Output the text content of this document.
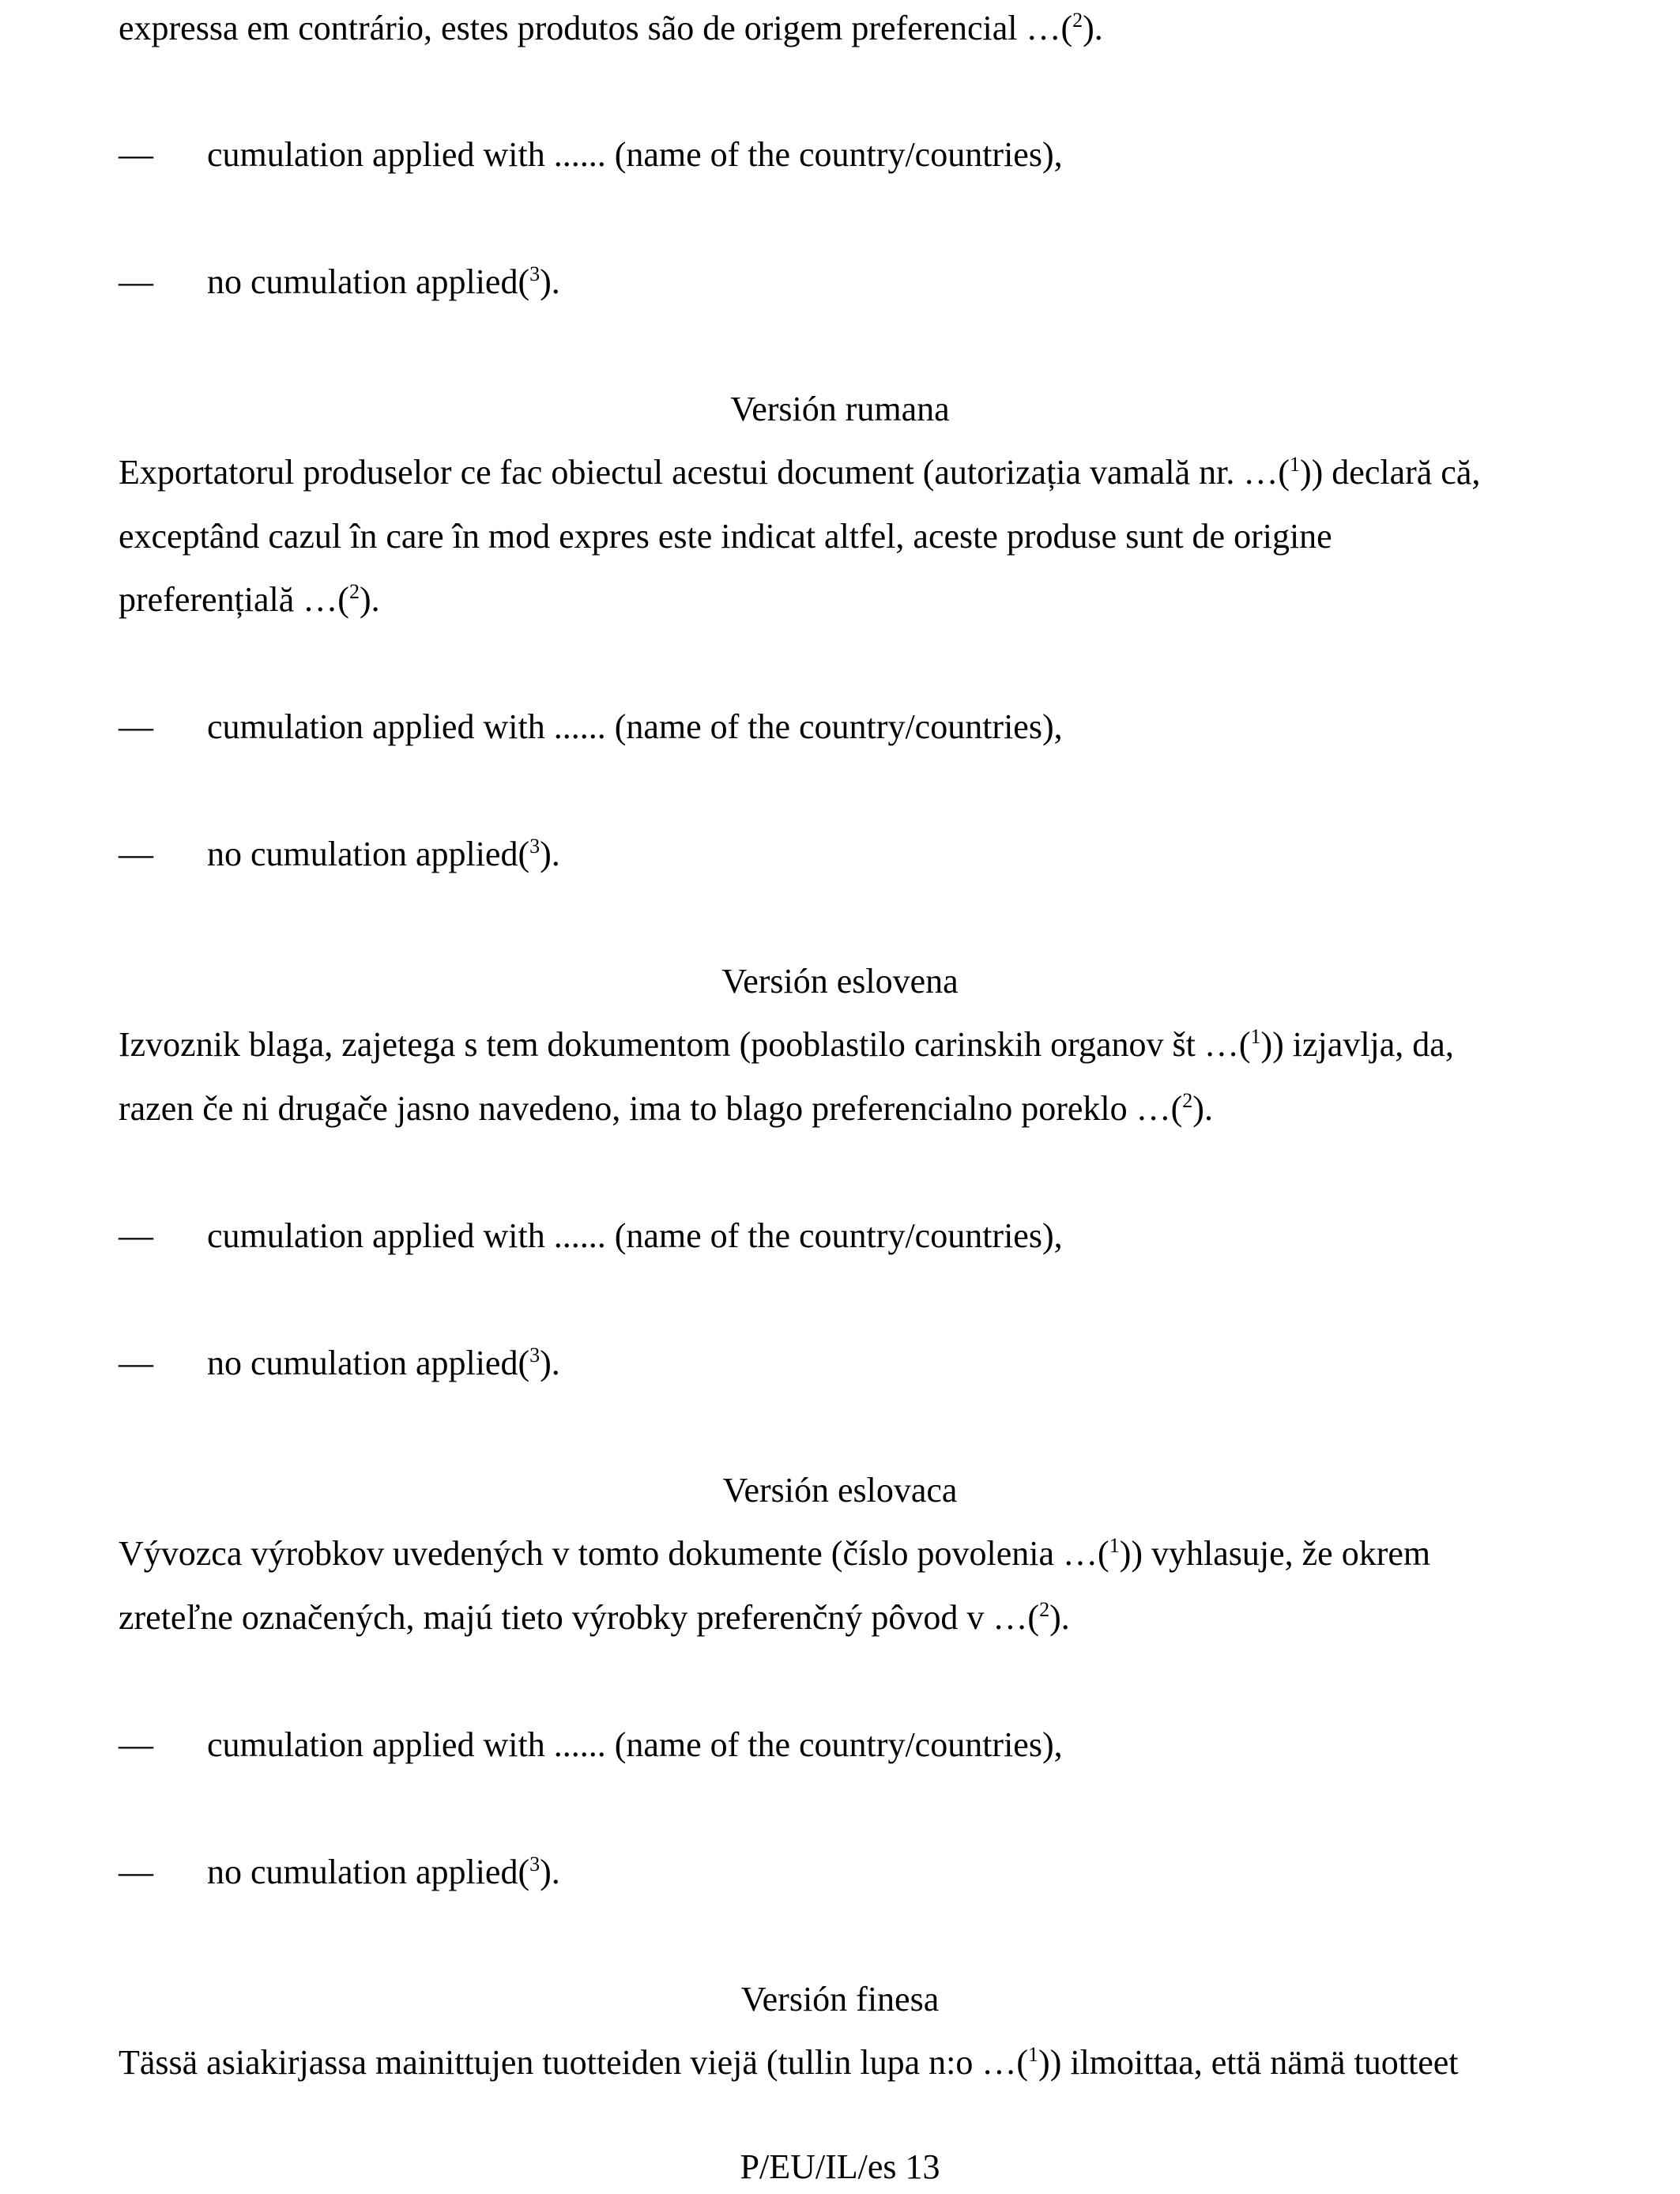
expressa em contrário, estes produtos são de origem preferencial …($^2$).
— cumulation applied with ...... (name of the country/countries),
— no cumulation applied($^3$).
Versión rumana
Exportatorul produselor ce fac obiectul acestui document (autorizația vamală nr. …($^1$)) declară că,
exceptând cazul în care în mod expres este indicat altfel, aceste produse sunt de origine
preferențială …($^2$).
— cumulation applied with ...... (name of the country/countries),
— no cumulation applied($^3$).
Versión eslovena
Izvoznik blaga, zajetega s tem dokumentom (pooblastilo carinskih organov št …($^1$)) izjavlja, da,
razen če ni drugače jasno navedeno, ima to blago preferencialno poreklo …($^2$).
— cumulation applied with ...... (name of the country/countries),
— no cumulation applied($^3$).
Versión eslovaca
Vývozca výrobkov uvedených v tomto dokumente (číslo povolenia …($^1$)) vyhlasuje, že okrem
zreteľne označených, majú tieto výrobky preferenčný pôvod v …($^2$).
— cumulation applied with ...... (name of the country/countries),
— no cumulation applied($^3$).
Versión finesa
Tässä asiakirjassa mainittujen tuotteiden viejä (tullin lupa n:o …($^1$)) ilmoittaa, että nämä tuotteet
P/EU/IL/es 13
